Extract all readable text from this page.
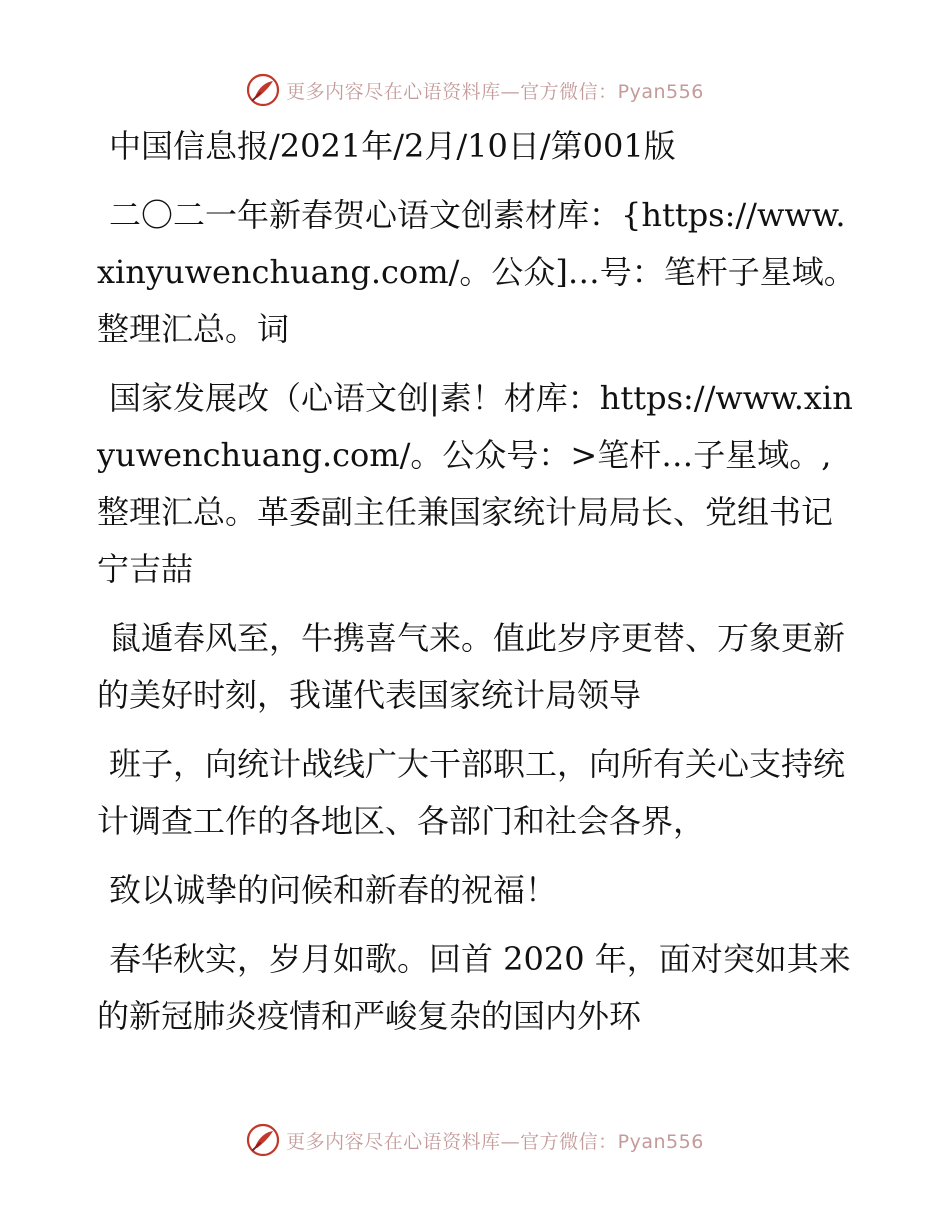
更多内容尽在心语资料库—官方微信：Pyan556

中国信息报/2021年/2月/10日/第001版

二〇二一年新春贺心语文创素材库：{https://www.xinyuwenchuang.com/。公众]…号：笔杆子星域。整理汇总。词

国家发展改（心语文创|素！材库：https://www.xinyuwenchuang.com/。公众号：>笔杆…子星域。,整理汇总。革委副主任兼国家统计局局长、党组书记 宁吉喆

鼠遁春风至，牛携喜气来。值此岁序更替、万象更新的美好时刻，我谨代表国家统计局领导

班子，向统计战线广大干部职工，向所有关心支持统计调查工作的各地区、各部门和社会各界，

致以诚挚的问候和新春的祝福！

春华秋实，岁月如歌。回首 2020 年，面对突如其来的新冠肺炎疫情和严峻复杂的国内外环

更多内容尽在心语资料库—官方微信：Pyan556
